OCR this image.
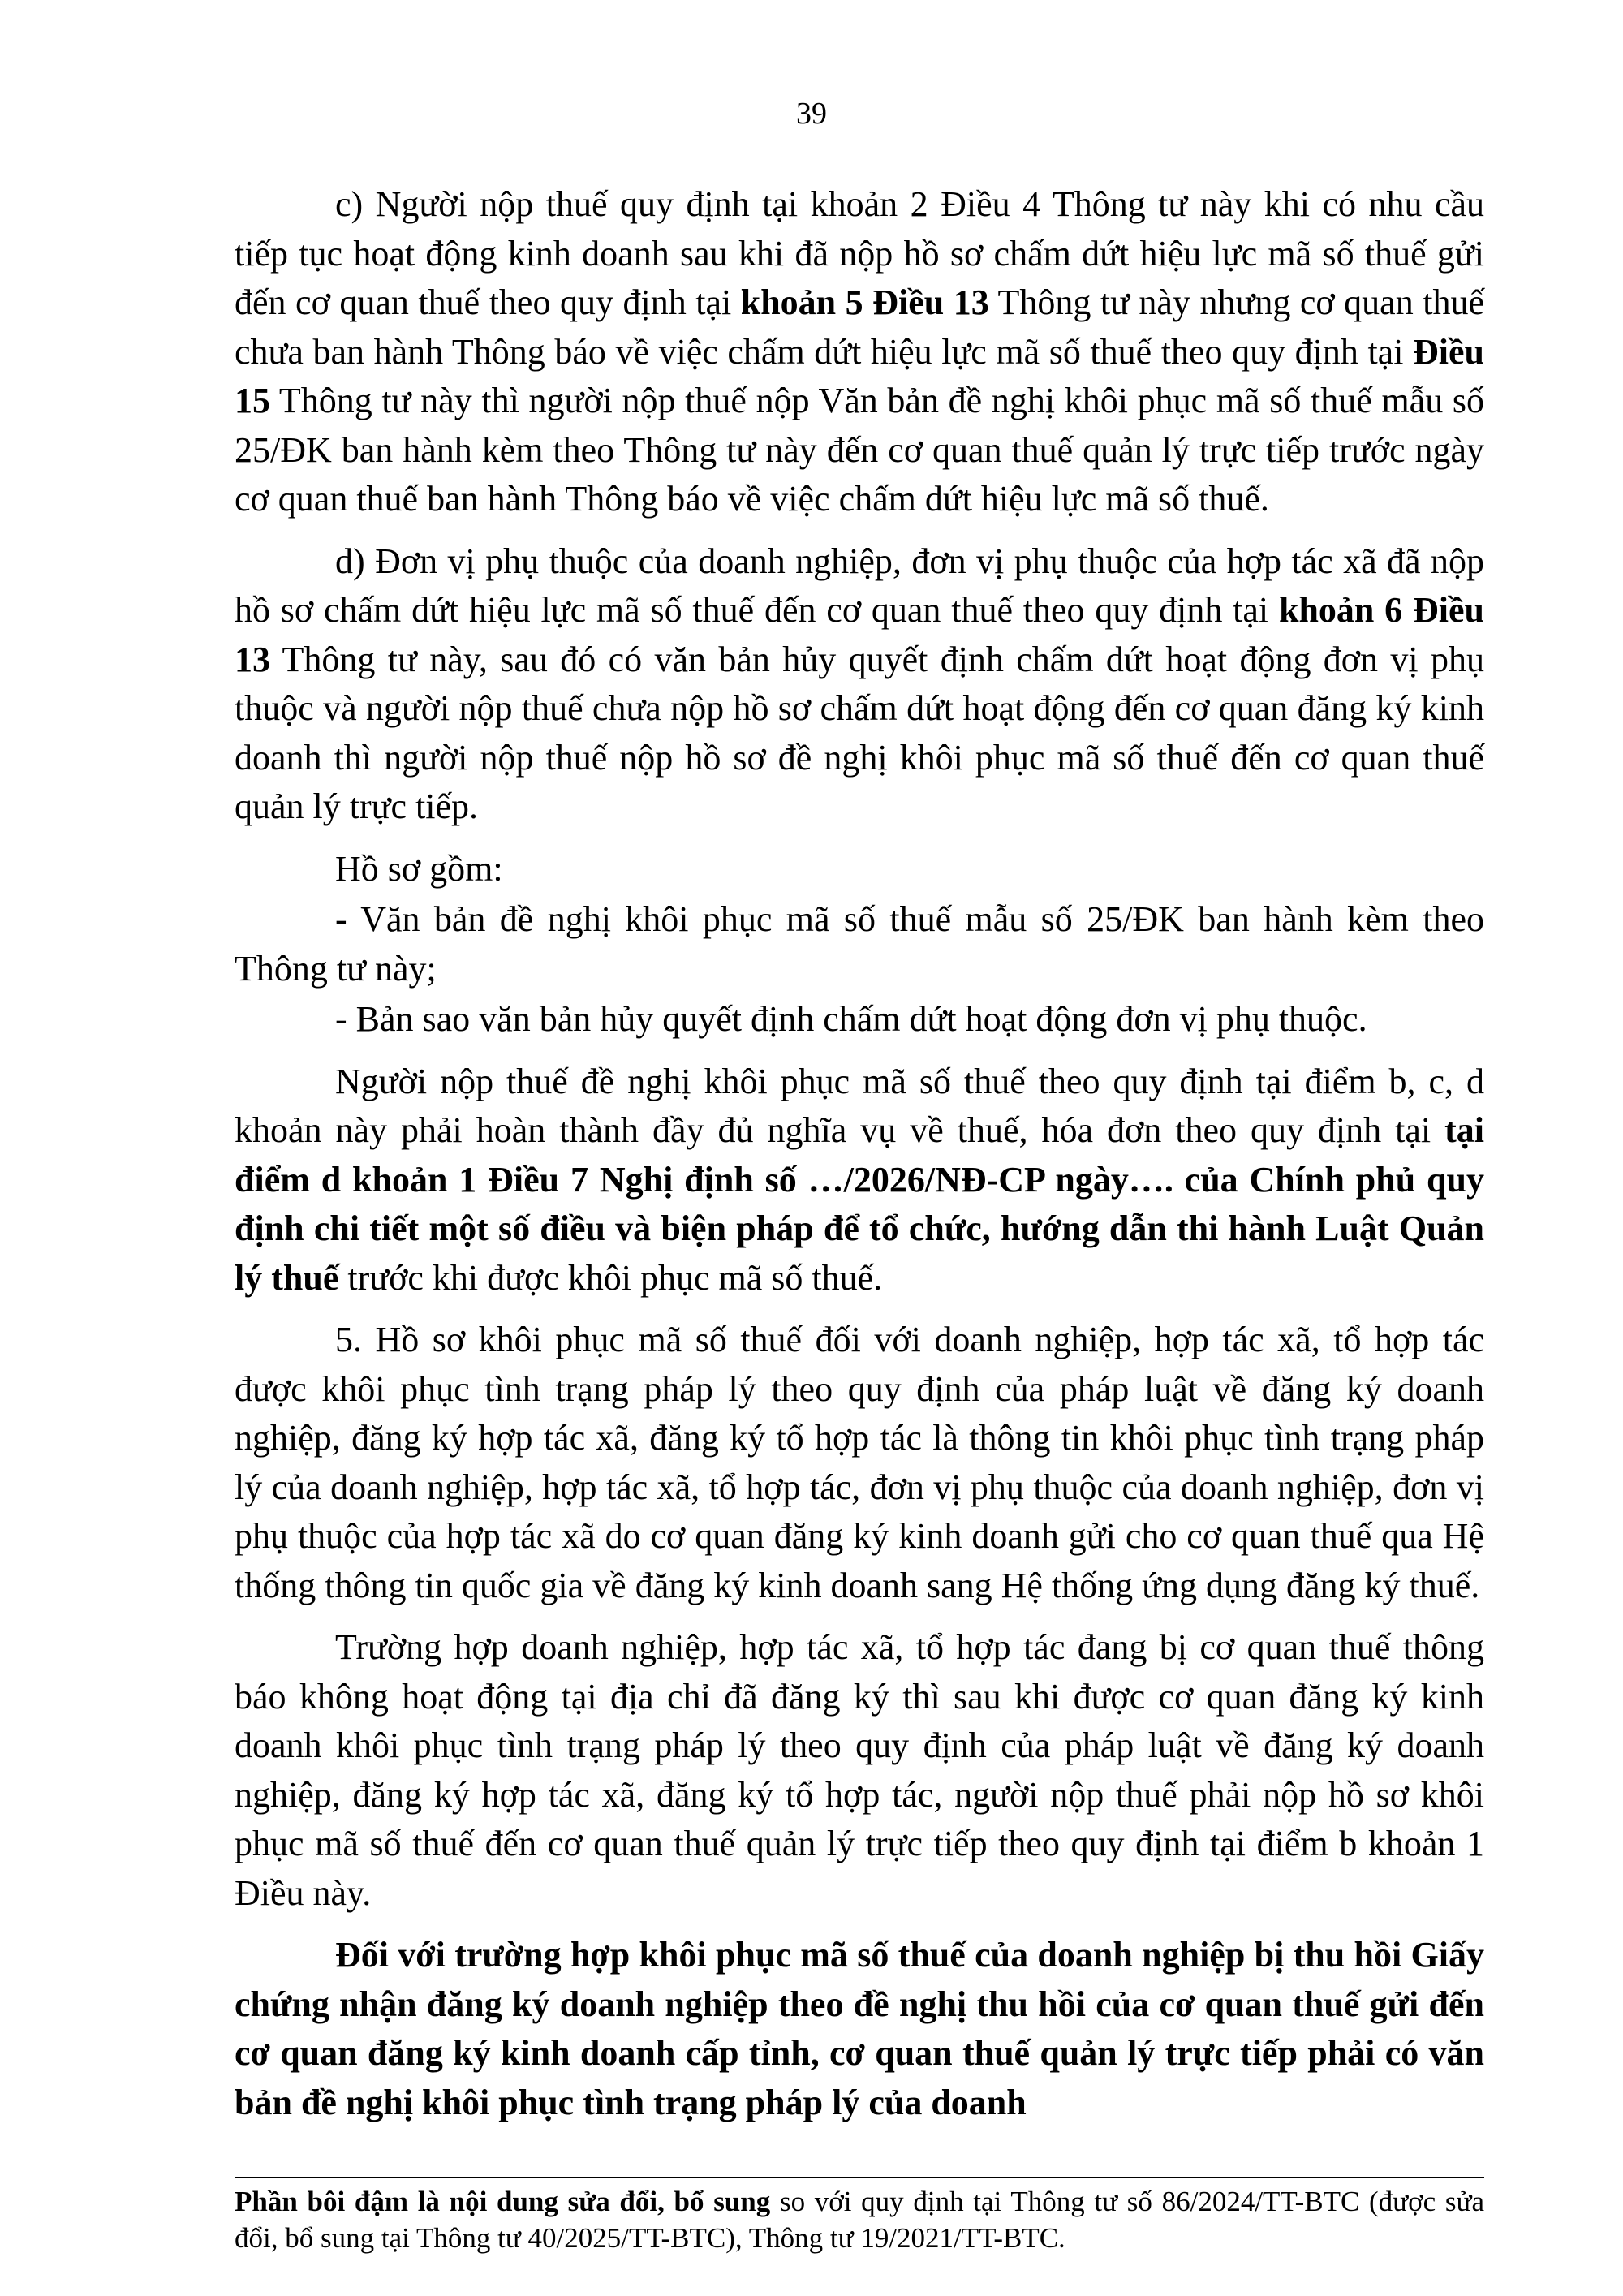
39

c) Người nộp thuế quy định tại khoản 2 Điều 4 Thông tư này khi có nhu cầu tiếp tục hoạt động kinh doanh sau khi đã nộp hồ sơ chấm dứt hiệu lực mã số thuế gửi đến cơ quan thuế theo quy định tại khoản 5 Điều 13 Thông tư này nhưng cơ quan thuế chưa ban hành Thông báo về việc chấm dứt hiệu lực mã số thuế theo quy định tại Điều 15 Thông tư này thì người nộp thuế nộp Văn bản đề nghị khôi phục mã số thuế mẫu số 25/ĐK ban hành kèm theo Thông tư này đến cơ quan thuế quản lý trực tiếp trước ngày cơ quan thuế ban hành Thông báo về việc chấm dứt hiệu lực mã số thuế.

d) Đơn vị phụ thuộc của doanh nghiệp, đơn vị phụ thuộc của hợp tác xã đã nộp hồ sơ chấm dứt hiệu lực mã số thuế đến cơ quan thuế theo quy định tại khoản 6 Điều 13 Thông tư này, sau đó có văn bản hủy quyết định chấm dứt hoạt động đơn vị phụ thuộc và người nộp thuế chưa nộp hồ sơ chấm dứt hoạt động đến cơ quan đăng ký kinh doanh thì người nộp thuế nộp hồ sơ đề nghị khôi phục mã số thuế đến cơ quan thuế quản lý trực tiếp.

Hồ sơ gồm:

- Văn bản đề nghị khôi phục mã số thuế mẫu số 25/ĐK ban hành kèm theo Thông tư này;

- Bản sao văn bản hủy quyết định chấm dứt hoạt động đơn vị phụ thuộc.

Người nộp thuế đề nghị khôi phục mã số thuế theo quy định tại điểm b, c, d khoản này phải hoàn thành đầy đủ nghĩa vụ về thuế, hóa đơn theo quy định tại tại điểm d khoản 1 Điều 7 Nghị định số …/2026/NĐ-CP ngày…. của Chính phủ quy định chi tiết một số điều và biện pháp để tổ chức, hướng dẫn thi hành Luật Quản lý thuế trước khi được khôi phục mã số thuế.

5. Hồ sơ khôi phục mã số thuế đối với doanh nghiệp, hợp tác xã, tổ hợp tác được khôi phục tình trạng pháp lý theo quy định của pháp luật về đăng ký doanh nghiệp, đăng ký hợp tác xã, đăng ký tổ hợp tác là thông tin khôi phục tình trạng pháp lý của doanh nghiệp, hợp tác xã, tổ hợp tác, đơn vị phụ thuộc của doanh nghiệp, đơn vị phụ thuộc của hợp tác xã do cơ quan đăng ký kinh doanh gửi cho cơ quan thuế qua Hệ thống thông tin quốc gia về đăng ký kinh doanh sang Hệ thống ứng dụng đăng ký thuế.

Trường hợp doanh nghiệp, hợp tác xã, tổ hợp tác đang bị cơ quan thuế thông báo không hoạt động tại địa chỉ đã đăng ký thì sau khi được cơ quan đăng ký kinh doanh khôi phục tình trạng pháp lý theo quy định của pháp luật về đăng ký doanh nghiệp, đăng ký hợp tác xã, đăng ký tổ hợp tác, người nộp thuế phải nộp hồ sơ khôi phục mã số thuế đến cơ quan thuế quản lý trực tiếp theo quy định tại điểm b khoản 1 Điều này.

Đối với trường hợp khôi phục mã số thuế của doanh nghiệp bị thu hồi Giấy chứng nhận đăng ký doanh nghiệp theo đề nghị thu hồi của cơ quan thuế gửi đến cơ quan đăng ký kinh doanh cấp tỉnh, cơ quan thuế quản lý trực tiếp phải có văn bản đề nghị khôi phục tình trạng pháp lý của doanh

Phần bôi đậm là nội dung sửa đổi, bổ sung so với quy định tại Thông tư số 86/2024/TT-BTC (được sửa đổi, bổ sung tại Thông tư 40/2025/TT-BTC), Thông tư 19/2021/TT-BTC.
